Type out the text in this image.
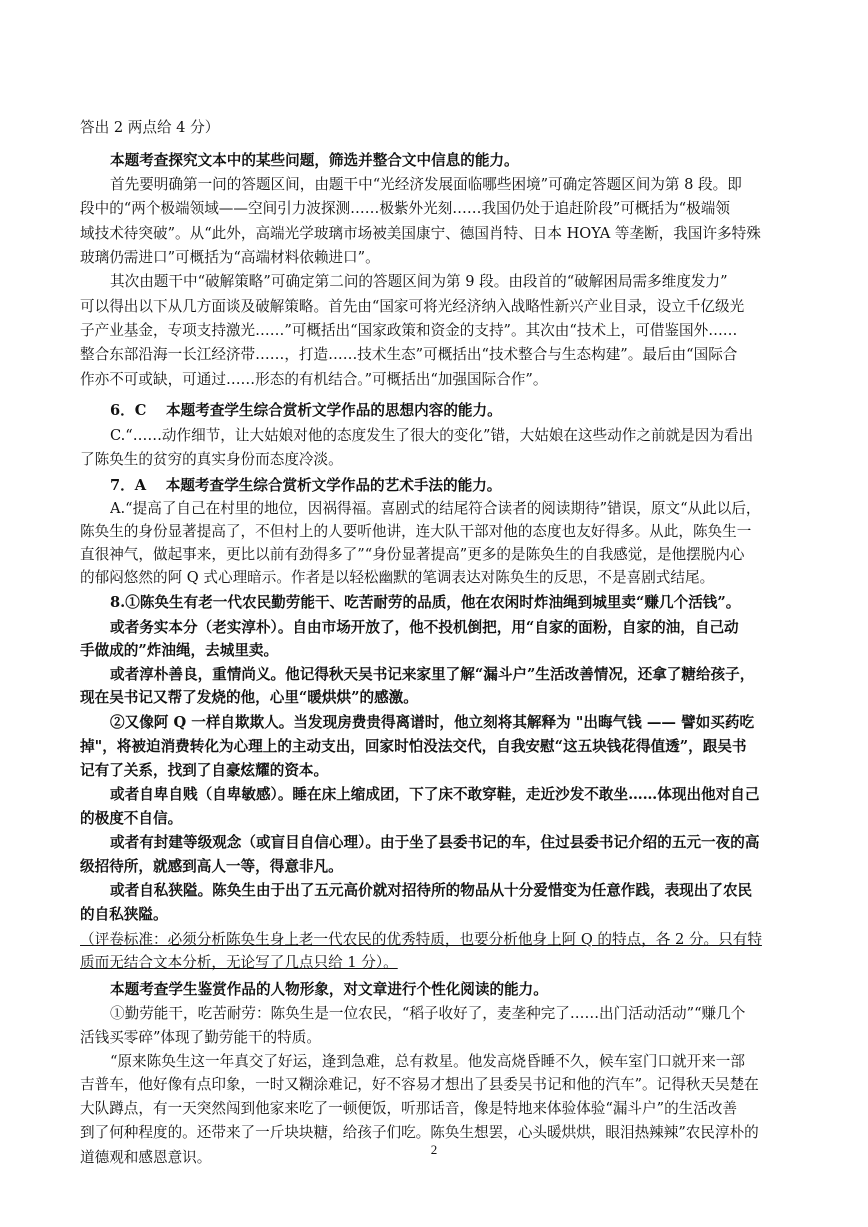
答出 2 两点给 4 分）
本题考查探究文本中的某些问题，筛选并整合文中信息的能力。
首先要明确第一问的答题区间，由题干中“光经济发展面临哪些困境”可确定答题区间为第 8 段。即
段中的“两个极端领域——空间引力波探测……极紫外光刻……我国仍处于追赶阶段”可概括为“极端领
域技术待突破”。从“此外，高端光学玻璃市场被美国康宁、德国肖特、日本 HOYA 等垄断，我国许多特殊
玻璃仍需进口”可概括为“高端材料依赖进口”。
其次由题干中“破解策略”可确定第二问的答题区间为第 9 段。由段首的“破解困局需多维度发力”
可以得出以下从几方面谈及破解策略。首先由“国家可将光经济纳入战略性新兴产业目录，设立千亿级光
子产业基金，专项支持激光……”可概括出“国家政策和资金的支持”。其次由“技术上，可借鉴国外……
整合东部沿海一长江经济带……，打造……技术生态”可概括出“技术整合与生态构建”。最后由“国际合
作亦不可或缺，可通过……形态的有机结合。”可概括出“加强国际合作”。
6．C　 本题考查学生综合赏析文学作品的思想内容的能力。
C.“……动作细节，让大姑娘对他的态度发生了很大的变化”错，大姑娘在这些动作之前就是因为看出
了陈奂生的贫穷的真实身份而态度冷淡。
7．A　 本题考查学生综合赏析文学作品的艺术手法的能力。
A.“提高了自己在村里的地位，因祸得福。喜剧式的结尾符合读者的阅读期待”错误，原文“从此以后，
陈奂生的身份显著提高了，不但村上的人要听他讲，连大队干部对他的态度也友好得多。从此，陈奂生一
直很神气，做起事来，更比以前有劲得多了”“身份显著提高”更多的是陈奂生的自我感觉，是他摆脱内心
的郁闷悠然的阿 Q 式心理暗示。作者是以轻松幽默的笔调表达对陈奂生的反思，不是喜剧式结尾。
8.①陈奂生有老一代农民勤劳能干、吃苦耐劳的品质，他在农闲时炸油绳到城里卖“赚几个活钱”。
或者务实本分（老实淳朴）。自由市场开放了，他不投机倒把，用“自家的面粉，自家的油，自己动
手做成的”炸油绳，去城里卖。
或者淳朴善良，重情尚义。他记得秋天吴书记来家里了解“漏斗户”生活改善情况，还拿了糖给孩子，
现在吴书记又帮了发烧的他，心里“暖烘烘”的感激。
②又像阿 Q 一样自欺欺人。当发现房费贵得离谱时，他立刻将其解释为 "出晦气钱 —— 譬如买药吃
掉"，将被迫消费转化为心理上的主动支出，回家时怕没法交代，自我安慰“这五块钱花得值透”，跟吴书
记有了关系，找到了自豪炫耀的资本。
或者自卑自贱（自卑敏感）。睡在床上缩成团，下了床不敢穿鞋，走近沙发不敢坐……体现出他对自己
的极度不自信。
或者有封建等级观念（或盲目自信心理）。由于坐了县委书记的车，住过县委书记介绍的五元一夜的高
级招待所，就感到高人一等，得意非凡。
或者自私狭隘。陈奂生由于出了五元高价就对招待所的物品从十分爱惜变为任意作践，表现出了农民
的自私狭隘。
（评卷标准：必须分析陈奂生身上老一代农民的优秀特质，也要分析他身上阿 Q 的特点，各 2 分。只有特
质而无结合文本分析，无论写了几点只给 1 分）。
本题考查学生鉴赏作品的人物形象，对文章进行个性化阅读的能力。
①勤劳能干，吃苦耐劳：陈奂生是一位农民，“稻子收好了，麦垄种完了……出门活动活动”“赚几个
活钱买零碎”体现了勤劳能干的特质。
“原来陈奂生这一年真交了好运，逢到急难，总有救星。他发高烧昏睡不久，候车室门口就开来一部
吉普车，他好像有点印象，一时又糊涂难记，好不容易才想出了县委吴书记和他的汽车”。记得秋天吴楚在
大队蹲点，有一天突然闯到他家来吃了一顿便饭，听那话音，像是特地来体验体验“漏斗户”的生活改善
到了何种程度的。还带来了一斤块块糖，给孩子们吃。陈奂生想罢，心头暖烘烘，眼泪热辣辣”农民淳朴的
道德观和感恩意识。	2
